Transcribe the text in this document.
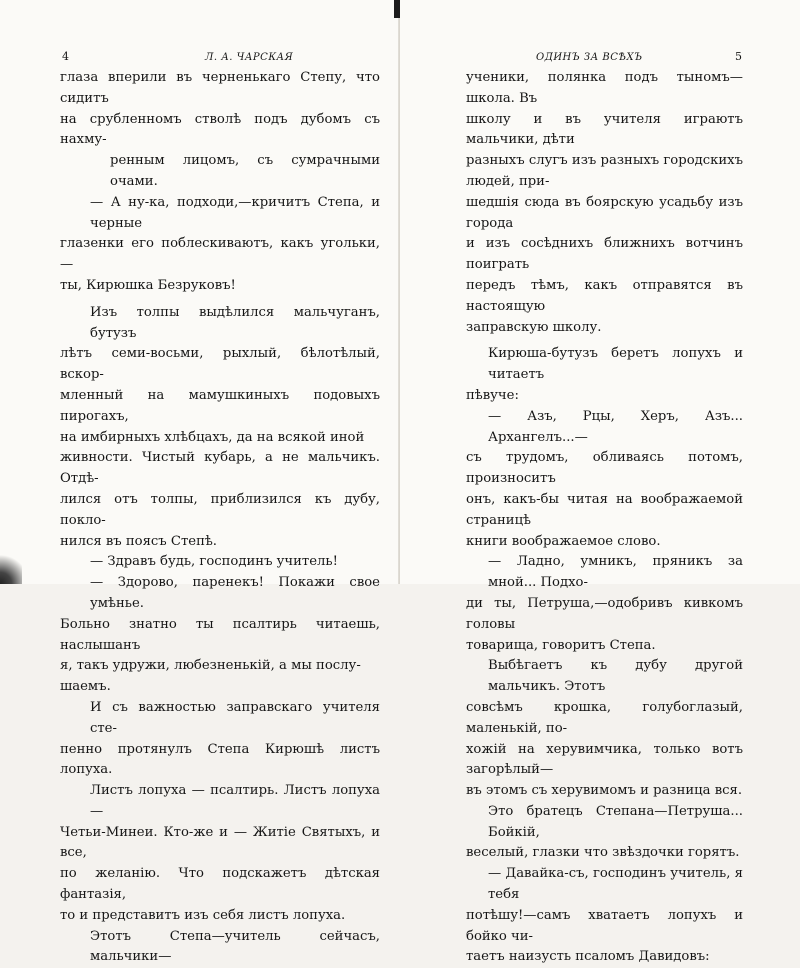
4	Л. А. ЧАРСКАЯ

глаза вперили въ черненькаго Степу, что сидитъ

на срубленномъ стволѣ подъ дубомъ съ нахму-

ренным лицомъ, съ сумрачными очами.

— А ну-ка, подходи,—кричитъ Степа, и черные

глазенки его поблескиваютъ, какъ угольки, —

ты, Кирюшка Безруковъ!

Изъ толпы выдѣлился мальчуганъ, бутузъ

лѣтъ семи-восьми, рыхлый, бѣлотѣлый, вскор-

мленный на мамушкиныхъ подовыхъ пирогахъ,

на имбирныхъ хлѣбцахъ, да на всякой иной

живности. Чистый кубарь, а не мальчикъ. Отдѣ-

лился отъ толпы, приблизился къ дубу, покло-

нился въ поясъ Степѣ.

— Здравъ будь, господинъ учитель!

— Здорово, паренекъ! Покажи свое умѣнье.

Больно знатно ты псалтирь читаешь, наслышанъ

я, такъ удружи, любезненькій, а мы послу-

шаемъ.

И съ важностью заправскаго учителя сте-

пенно протянулъ Степа Кирюшѣ листъ лопуха.

Листъ лопуха — псалтирь. Листъ лопуха —

Четьи-Минеи. Кто-же и — Житіе Святыхъ, и все,

по желанію. Что подскажетъ дѣтская фантазія,

то и представитъ изъ себя листъ лопуха.

Этотъ Степа—учитель сейчасъ, мальчики—

ОДИНЪ ЗА ВСѢХЪ	5

ученики, полянка подъ тыномъ—школа. Въ

школу и въ учителя играютъ мальчики, дѣти

разныхъ слугъ изъ разныхъ городскихъ людей, при-

шедшія сюда въ боярскую усадьбу изъ города

и изъ сосѣднихъ ближнихъ вотчинъ поиграть

передъ тѣмъ, какъ отправятся въ настоящую

заправскую школу.

Кирюша-бутузъ беретъ лопухъ и читаетъ

пѣвуче:

— Азъ, Рцы, Херъ, Азъ... Архангелъ...—

съ трудомъ, обливаясь потомъ, произноситъ

онъ, какъ-бы читая на воображаемой страницѣ

книги воображаемое слово.

— Ладно, умникъ, пряникъ за мной... Подхо-

ди ты, Петруша,—одобривъ кивкомъ головы

товарища, говоритъ Степа.

Выбѣгаетъ къ дубу другой мальчикъ. Этотъ

совсѣмъ крошка, голубоглазый, маленькій, по-

хожій на херувимчика, только вотъ загорѣлый—

въ этомъ съ херувимомъ и разница вся.

Это братецъ Степана—Петруша... Бойкій,

веселый, глазки что звѣздочки горятъ.

— Давайка-съ, господинъ учитель, я тебя

потѣшу!—самъ хватаетъ лопухъ и бойко чи-

таетъ наизусть псаломъ Давидовъ:
